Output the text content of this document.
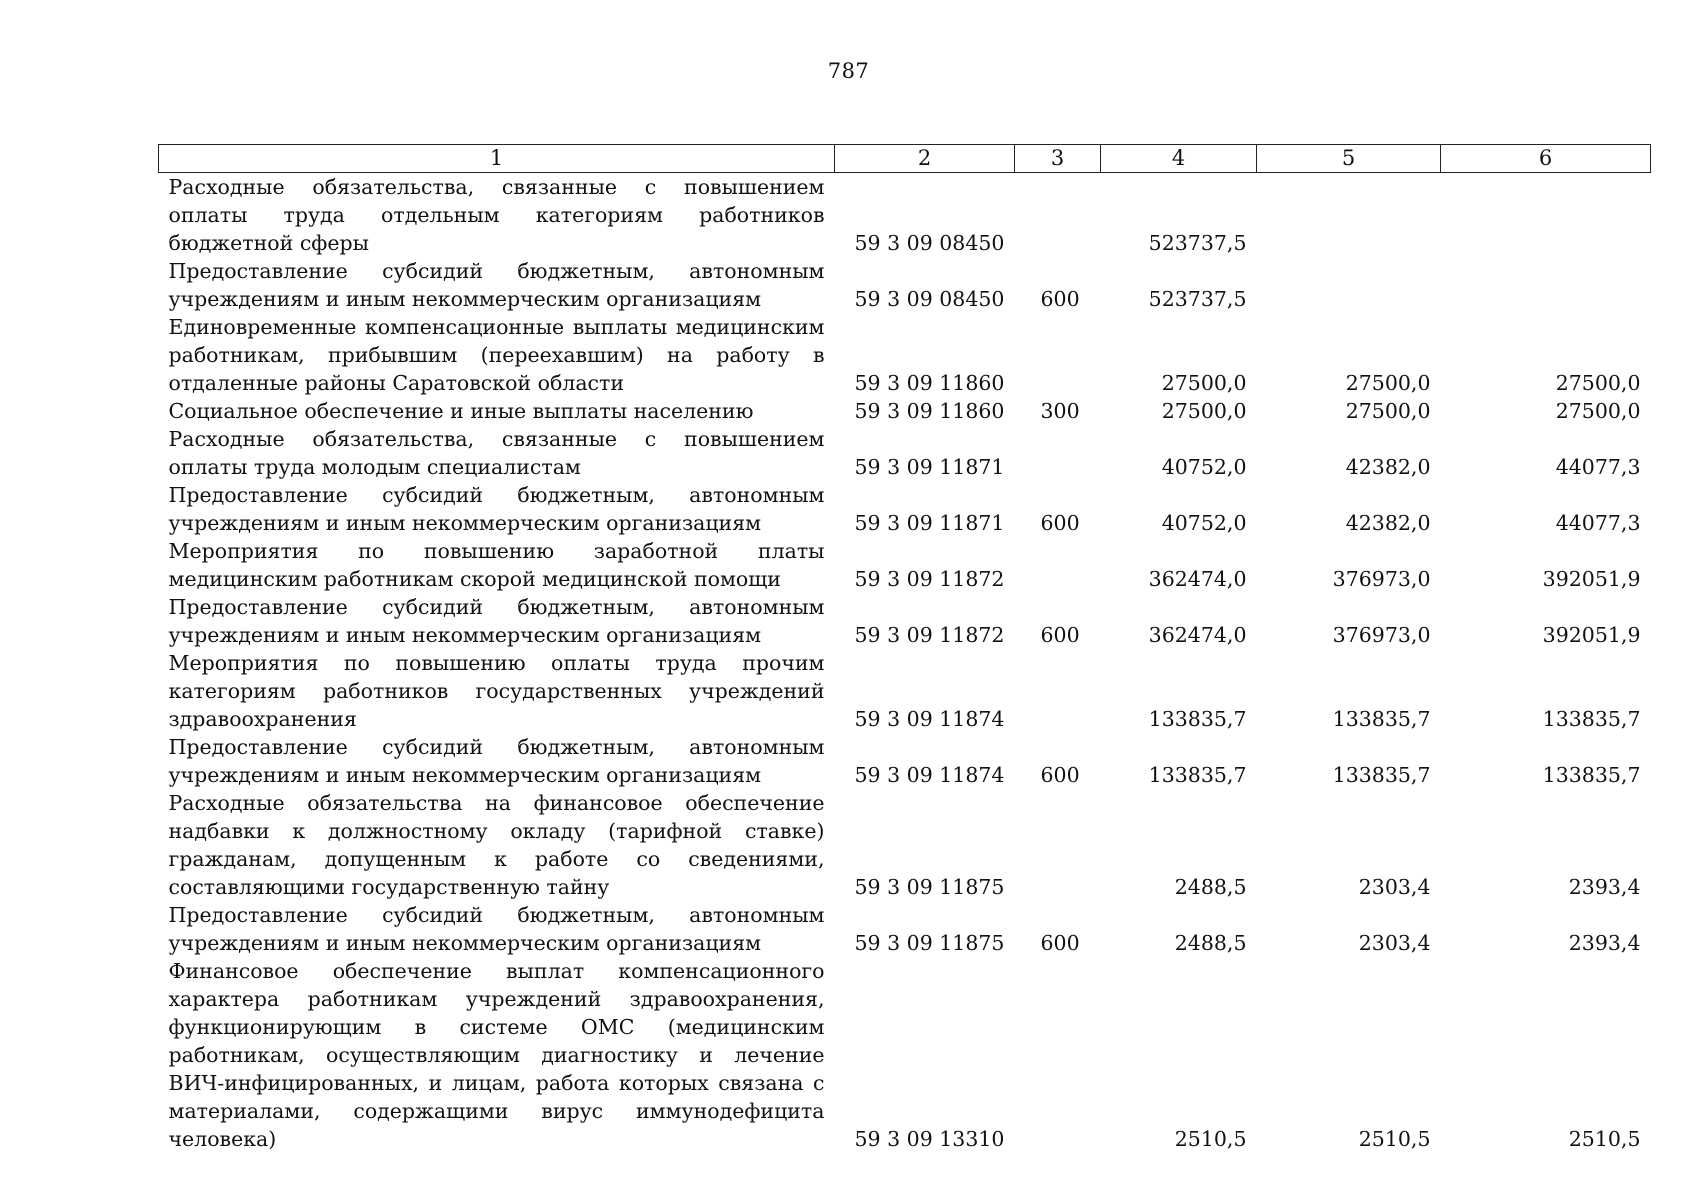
787
1	2	3	4	5	6
Расходные обязательства, связанные с повышением оплаты труда отдельным категориям работников бюджетной сферы	59 3 09 08450		523737,5		
Предоставление субсидий бюджетным, автономным учреждениям и иным некоммерческим организациям	59 3 09 08450	600	523737,5		
Единовременные компенсационные выплаты медицинским работникам, прибывшим (переехавшим) на работу в отдаленные районы Саратовской области	59 3 09 11860		27500,0	27500,0	27500,0
Социальное обеспечение и иные выплаты населению	59 3 09 11860	300	27500,0	27500,0	27500,0
Расходные обязательства, связанные с повышением оплаты труда молодым специалистам	59 3 09 11871		40752,0	42382,0	44077,3
Предоставление субсидий бюджетным, автономным учреждениям и иным некоммерческим организациям	59 3 09 11871	600	40752,0	42382,0	44077,3
Мероприятия по повышению заработной платы медицинским работникам скорой медицинской помощи	59 3 09 11872		362474,0	376973,0	392051,9
Предоставление субсидий бюджетным, автономным учреждениям и иным некоммерческим организациям	59 3 09 11872	600	362474,0	376973,0	392051,9
Мероприятия по повышению оплаты труда прочим категориям работников государственных учреждений здравоохранения	59 3 09 11874		133835,7	133835,7	133835,7
Предоставление субсидий бюджетным, автономным учреждениям и иным некоммерческим организациям	59 3 09 11874	600	133835,7	133835,7	133835,7
Расходные обязательства на финансовое обеспечение надбавки к должностному окладу (тарифной ставке) гражданам, допущенным к работе со сведениями, составляющими государственную тайну	59 3 09 11875		2488,5	2303,4	2393,4
Предоставление субсидий бюджетным, автономным учреждениям и иным некоммерческим организациям	59 3 09 11875	600	2488,5	2303,4	2393,4
Финансовое обеспечение выплат компенсационного характера работникам учреждений здравоохранения, функционирующим в системе ОМС (медицинским работникам, осуществляющим диагностику и лечение ВИЧ-инфицированных, и лицам, работа которых связана с материалами, содержащими вирус иммунодефицита человека)	59 3 09 13310		2510,5	2510,5	2510,5
